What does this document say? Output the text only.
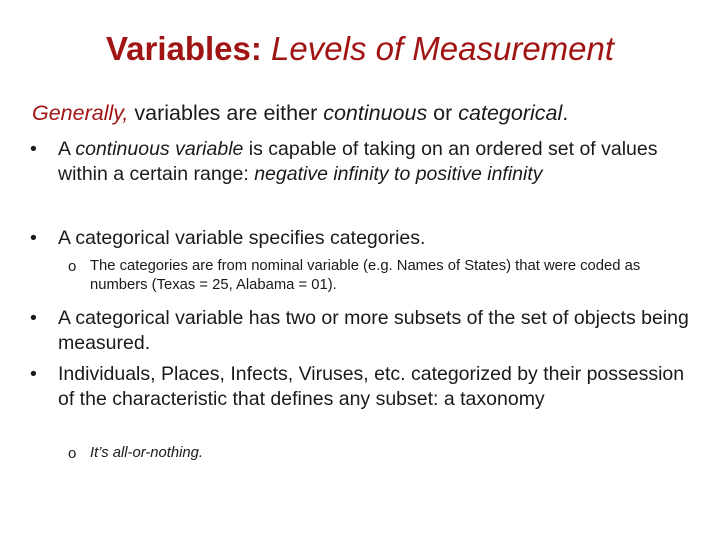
Variables: Levels of Measurement
Generally, variables are either continuous or categorical.
• A continuous variable is capable of taking on an ordered set of values within a certain range: negative infinity to positive infinity
• A categorical variable specifies categories.
o The categories are from nominal variable (e.g. Names of States) that were coded as numbers (Texas = 25, Alabama = 01).
• A categorical variable has two or more subsets of the set of objects being measured.
• Individuals, Places, Infects, Viruses, etc. categorized by their possession of the characteristic that defines any subset: a taxonomy
o It’s all-or-nothing.
